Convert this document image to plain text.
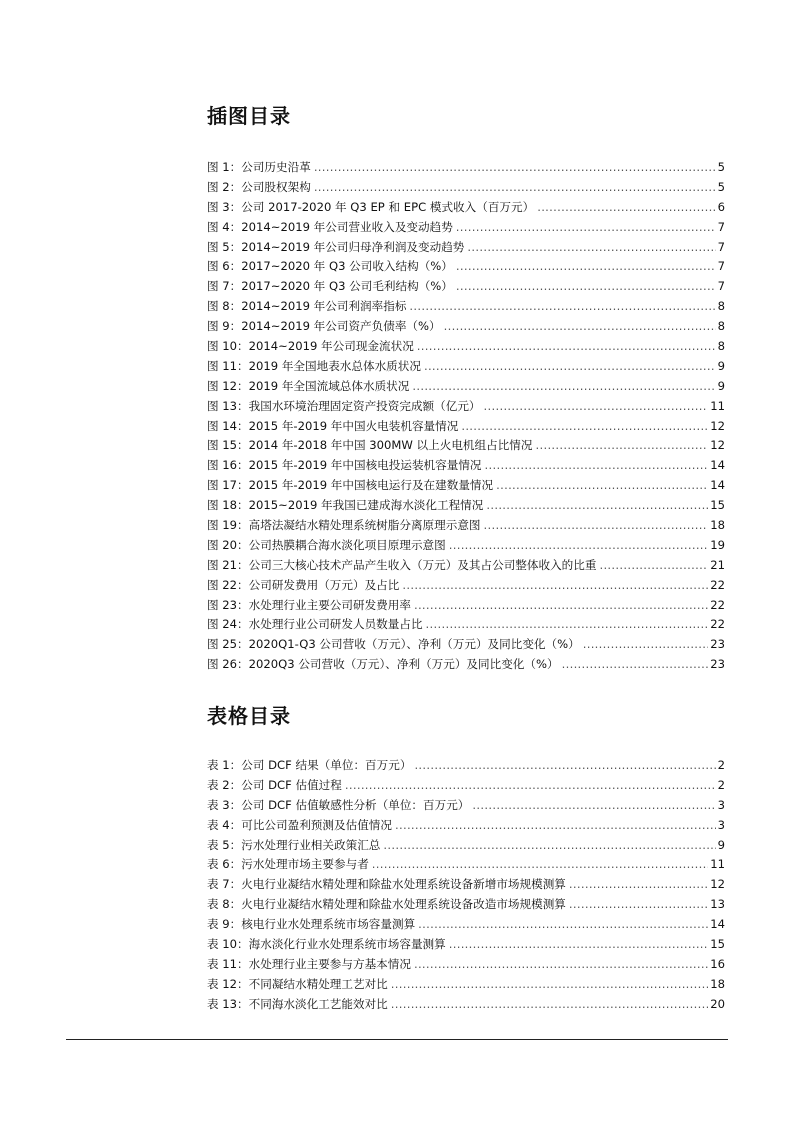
插图目录
图 1：公司历史沿革 .....	5
图 2：公司股权架构 .....	5
图 3：公司 2017-2020 年 Q3 EP 和 EPC 模式收入（百万元） .....	6
图 4：2014~2019 年公司营业收入及变动趋势 .....	7
图 5：2014~2019 年公司归母净利润及变动趋势 .....	7
图 6：2017~2020 年 Q3 公司收入结构（%） .....	7
图 7：2017~2020 年 Q3 公司毛利结构（%） .....	7
图 8：2014~2019 年公司利润率指标 .....	8
图 9：2014~2019 年公司资产负债率（%） .....	8
图 10：2014~2019 年公司现金流状况 .....	8
图 11：2019 年全国地表水总体水质状况 .....	9
图 12：2019 年全国流域总体水质状况 .....	9
图 13：我国水环境治理固定资产投资完成额（亿元） .....	11
图 14：2015 年-2019 年中国火电装机容量情况 .....	12
图 15：2014 年-2018 年中国 300MW 以上火电机组占比情况 .....	12
图 16：2015 年-2019 年中国核电投运装机容量情况 .....	14
图 17：2015 年-2019 年中国核电运行及在建数量情况 .....	14
图 18：2015~2019 年我国已建成海水淡化工程情况 .....	15
图 19：高塔法凝结水精处理系统树脂分离原理示意图 .....	18
图 20：公司热膜耦合海水淡化项目原理示意图 .....	19
图 21：公司三大核心技术产品产生收入（万元）及其占公司整体收入的比重 .....	21
图 22：公司研发费用（万元）及占比 .....	22
图 23：水处理行业主要公司研发费用率 .....	22
图 24：水处理行业公司研发人员数量占比 .....	22
图 25：2020Q1-Q3 公司营收（万元）、净利（万元）及同比变化（%） .....	23
图 26：2020Q3 公司营收（万元）、净利（万元）及同比变化（%） .....	23
表格目录
表 1：公司 DCF 结果（单位：百万元） .....	2
表 2：公司 DCF 估值过程 .....	2
表 3：公司 DCF 估值敏感性分析（单位：百万元） .....	3
表 4：可比公司盈利预测及估值情况 .....	3
表 5：污水处理行业相关政策汇总 .....	9
表 6：污水处理市场主要参与者 .....	11
表 7：火电行业凝结水精处理和除盐水处理系统设备新增市场规模测算 .....	12
表 8：火电行业凝结水精处理和除盐水处理系统设备改造市场规模测算 .....	13
表 9：核电行业水处理系统市场容量测算 .....	14
表 10：海水淡化行业水处理系统市场容量测算 .....	15
表 11：水处理行业主要参与方基本情况 .....	16
表 12：不同凝结水精处理工艺对比 .....	18
表 13：不同海水淡化工艺能效对比 .....	20
